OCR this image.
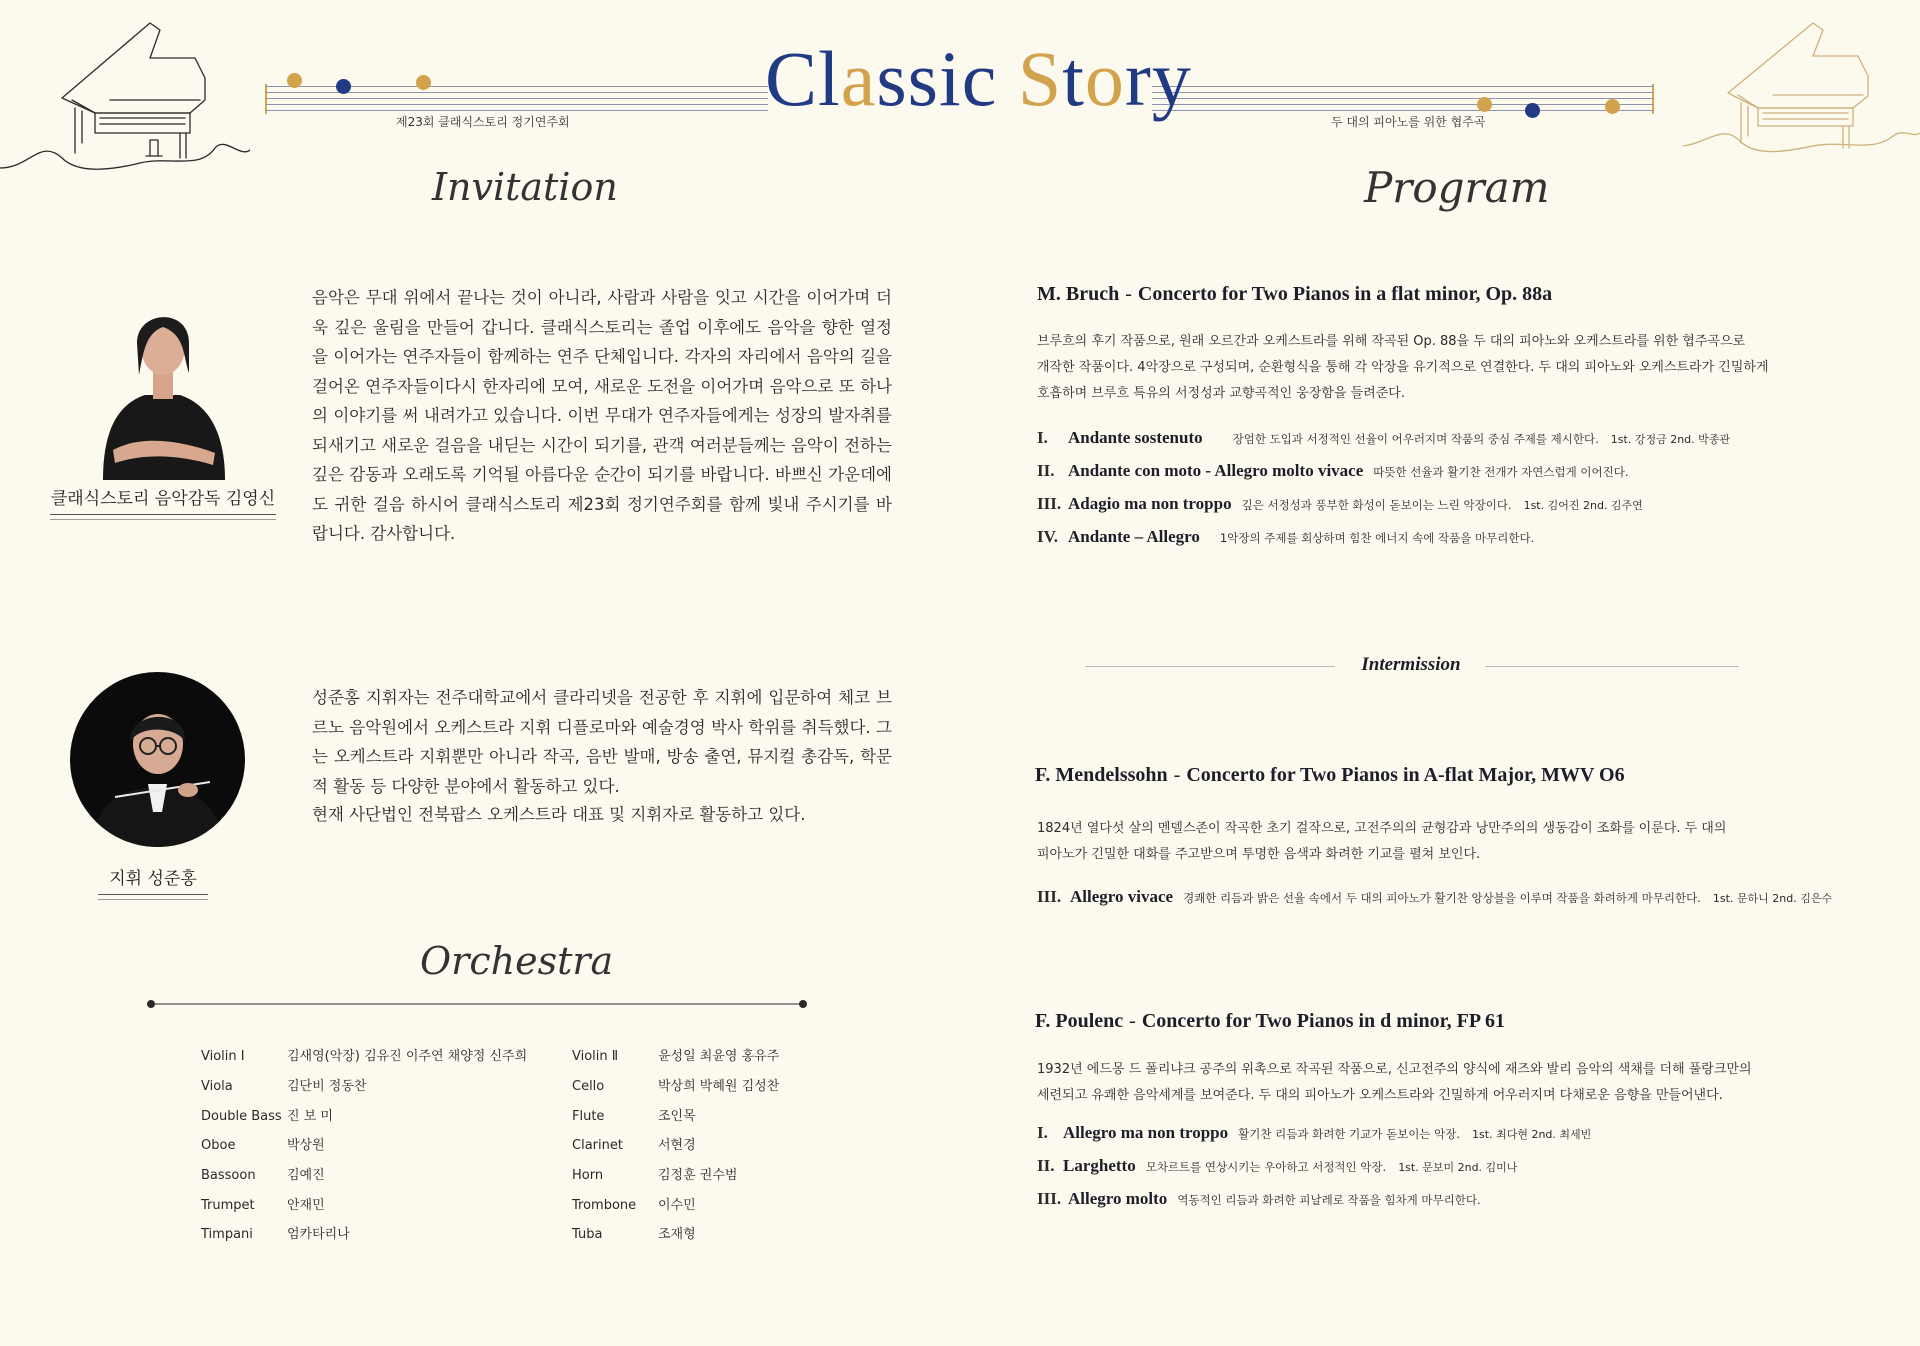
제23회 클래식스토리 정기연주회	두 대의 피아노를 위한 협주곡
Classic Story
Invitation
클래식스토리 음악감독 김영신
음악은 무대 위에서 끝나는 것이 아니라, 사람과 사람을 잇고 시간을 이어가며 더욱 깊은 울림을 만들어 갑니다. 클래식스토리는 졸업 이후에도 음악을 향한 열정을 이어가는 연주자들이 함께하는 연주 단체입니다. 각자의 자리에서 음악의 길을 걸어온 연주자들이다시 한자리에 모여, 새로운 도전을 이어가며 음악으로 또 하나의 이야기를 써 내려가고 있습니다. 이번 무대가 연주자들에게는 성장의 발자취를 되새기고 새로운 걸음을 내딛는 시간이 되기를, 관객 여러분들께는 음악이 전하는 깊은 감동과 오래도록 기억될 아름다운 순간이 되기를 바랍니다. 바쁘신 가운데에도 귀한 걸음 하시어 클래식스토리 제23회 정기연주회를 함께 빛내 주시기를 바랍니다. 감사합니다.
지휘 성준홍
성준홍 지휘자는 전주대학교에서 클라리넷을 전공한 후 지휘에 입문하여 체코 브르노 음악원에서 오케스트라 지휘 디플로마와 예술경영 박사 학위를 취득했다. 그는 오케스트라 지휘뿐만 아니라 작곡, 음반 발매, 방송 출연, 뮤지컬 총감독, 학문적 활동 등 다양한 분야에서 활동하고 있다.
현재 사단법인 전북팝스 오케스트라 대표 및 지휘자로 활동하고 있다.
Orchestra
Violin Ⅰ	김새영(악장) 김유진 이주연 채양정 신주희
Viola	김단비 정동찬
Double Bass 진 보 미
Oboe	박상원
Bassoon 김예진
Trumpet 안재민
Timpani	엄카타리나
Violin Ⅱ	윤성일 최윤영 홍유주
Cello	박상희 박혜원 김성찬
Flute	조인목
Clarinet	서현경
Horn	김정훈 권수범
Trombone 이수민
Tuba	조재형
Program
M. Bruch - Concerto for Two Pianos in a flat minor, Op. 88a
브루흐의 후기 작품으로, 원래 오르간과 오케스트라를 위해 작곡된 Op. 88을 두 대의 피아노와 오케스트라를 위한 협주곡으로
개작한 작품이다. 4악장으로 구성되며, 순환형식을 통해 각 악장을 유기적으로 연결한다. 두 대의 피아노와 오케스트라가 긴밀하게
호흡하며 브루흐 특유의 서정성과 교향곡적인 웅장함을 들려준다.
I. Andante sostenuto	장엄한 도입과 서정적인 선율이 어우러지며 작품의 중심 주제를 제시한다. 1st. 강정금 2nd. 박종관
II. Andante con moto - Allegro molto vivace 따뜻한 선율과 활기찬 전개가 자연스럽게 이어진다.
III. Adagio ma non troppo 깊은 서정성과 풍부한 화성이 돋보이는 느린 악장이다. 1st. 김어진 2nd. 김주연
IV. Andante – Allegro 1악장의 주제를 회상하며 힘찬 에너지 속에 작품을 마무리한다.
Intermission
F. Mendelssohn - Concerto for Two Pianos in A-flat Major, MWV O6
1824년 열다섯 살의 멘델스존이 작곡한 초기 걸작으로, 고전주의의 균형감과 낭만주의의 생동감이 조화를 이룬다. 두 대의
피아노가 긴밀한 대화를 주고받으며 투명한 음색과 화려한 기교를 펼쳐 보인다.
III. Allegro vivace 경쾌한 리듬과 밝은 선율 속에서 두 대의 피아노가 활기찬 앙상블을 이루며 작품을 화려하게 마무리한다. 1st. 문하니 2nd. 김은수
F. Poulenc - Concerto for Two Pianos in d minor, FP 61
1932년 에드몽 드 폴리냐크 공주의 위촉으로 작곡된 작품으로, 신고전주의 양식에 재즈와 발리 음악의 색채를 더해 풀랑크만의
세련되고 유쾌한 음악세계를 보여준다. 두 대의 피아노가 오케스트라와 긴밀하게 어우러지며 다채로운 음향을 만들어낸다.
I. Allegro ma non troppo 활기찬 리듬과 화려한 기교가 돋보이는 악장. 1st. 최다현 2nd. 최세빈
II. Larghetto 모차르트를 연상시키는 우아하고 서정적인 악장. 1st. 문보미 2nd. 김미나
III. Allegro molto 역동적인 리듬과 화려한 피날레로 작품을 힘차게 마무리한다.
